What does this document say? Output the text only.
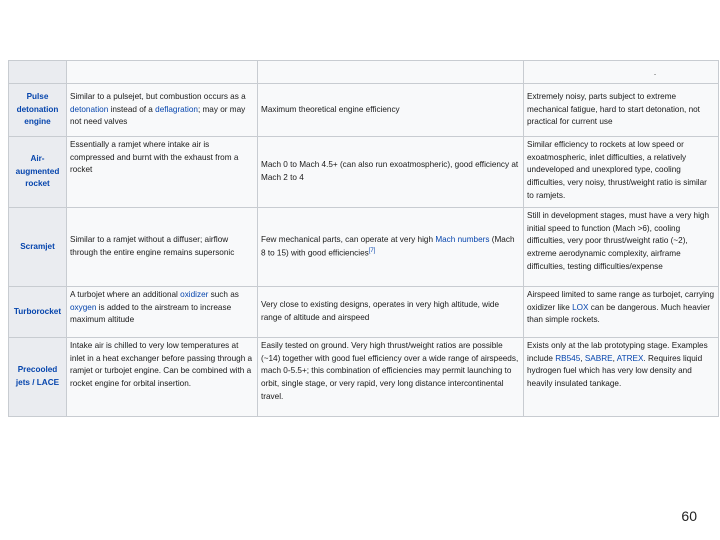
			.
Pulse detonation engine	Similar to a pulsejet, but combustion occurs as a detonation instead of a deflagration; may or may not need valves	Maximum theoretical engine efficiency	Extremely noisy, parts subject to extreme mechanical fatigue, hard to start detonation, not practical for current use
Air-augmented rocket	Essentially a ramjet where intake air is compressed and burnt with the exhaust from a rocket	Mach 0 to Mach 4.5+ (can also run exoatmospheric), good efficiency at Mach 2 to 4	Similar efficiency to rockets at low speed or exoatmospheric, inlet difficulties, a relatively undeveloped and unexplored type, cooling difficulties, very noisy, thrust/weight ratio is similar to ramjets.
Scramjet	Similar to a ramjet without a diffuser; airflow through the entire engine remains supersonic	Few mechanical parts, can operate at very high Mach numbers (Mach 8 to 15) with good efficiencies[7]	Still in development stages, must have a very high initial speed to function (Mach >6), cooling difficulties, very poor thrust/weight ratio (~2), extreme aerodynamic complexity, airframe difficulties, testing difficulties/expense
Turborocket	A turbojet where an additional oxidizer such as oxygen is added to the airstream to increase maximum altitude	Very close to existing designs, operates in very high altitude, wide range of altitude and airspeed	Airspeed limited to same range as turbojet, carrying oxidizer like LOX can be dangerous. Much heavier than simple rockets.
Precooled jets / LACE	Intake air is chilled to very low temperatures at inlet in a heat exchanger before passing through a ramjet or turbojet engine. Can be combined with a rocket engine for orbital insertion.	Easily tested on ground. Very high thrust/weight ratios are possible (~14) together with good fuel efficiency over a wide range of airspeeds, mach 0-5.5+; this combination of efficiencies may permit launching to orbit, single stage, or very rapid, very long distance intercontinental travel.	Exists only at the lab prototyping stage. Examples include RB545, SABRE, ATREX. Requires liquid hydrogen fuel which has very low density and heavily insulated tankage.
60
